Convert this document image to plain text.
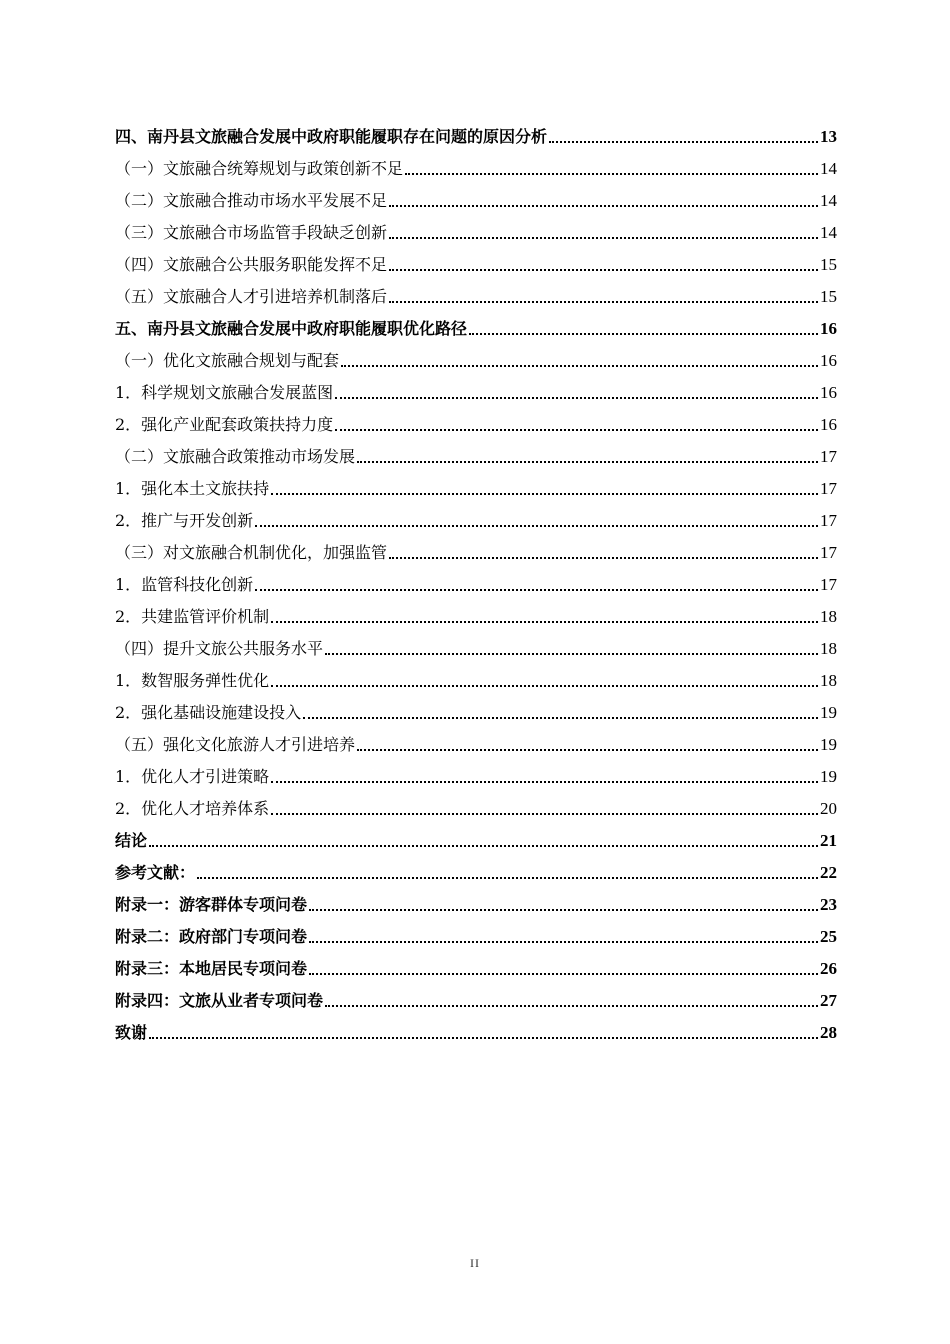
四、南丹县文旅融合发展中政府职能履职存在问题的原因分析	13
（一）文旅融合统筹规划与政策创新不足	14
（二）文旅融合推动市场水平发展不足	14
（三）文旅融合市场监管手段缺乏创新	14
（四）文旅融合公共服务职能发挥不足	15
（五）文旅融合人才引进培养机制落后	15
五、南丹县文旅融合发展中政府职能履职优化路径	16
（一）优化文旅融合规划与配套	16
1．科学规划文旅融合发展蓝图	16
2．强化产业配套政策扶持力度	16
（二）文旅融合政策推动市场发展	17
1．强化本土文旅扶持	17
2．推广与开发创新	17
（三）对文旅融合机制优化，加强监管	17
1．监管科技化创新	17
2．共建监管评价机制	18
（四）提升文旅公共服务水平	18
1．数智服务弹性优化	18
2．强化基础设施建设投入	19
（五）强化文化旅游人才引进培养	19
1．优化人才引进策略	19
2．优化人才培养体系	20
结论	21
参考文献：	22
附录一：游客群体专项问卷	23
附录二：政府部门专项问卷	25
附录三：本地居民专项问卷	26
附录四：文旅从业者专项问卷	27
致谢	28
II
